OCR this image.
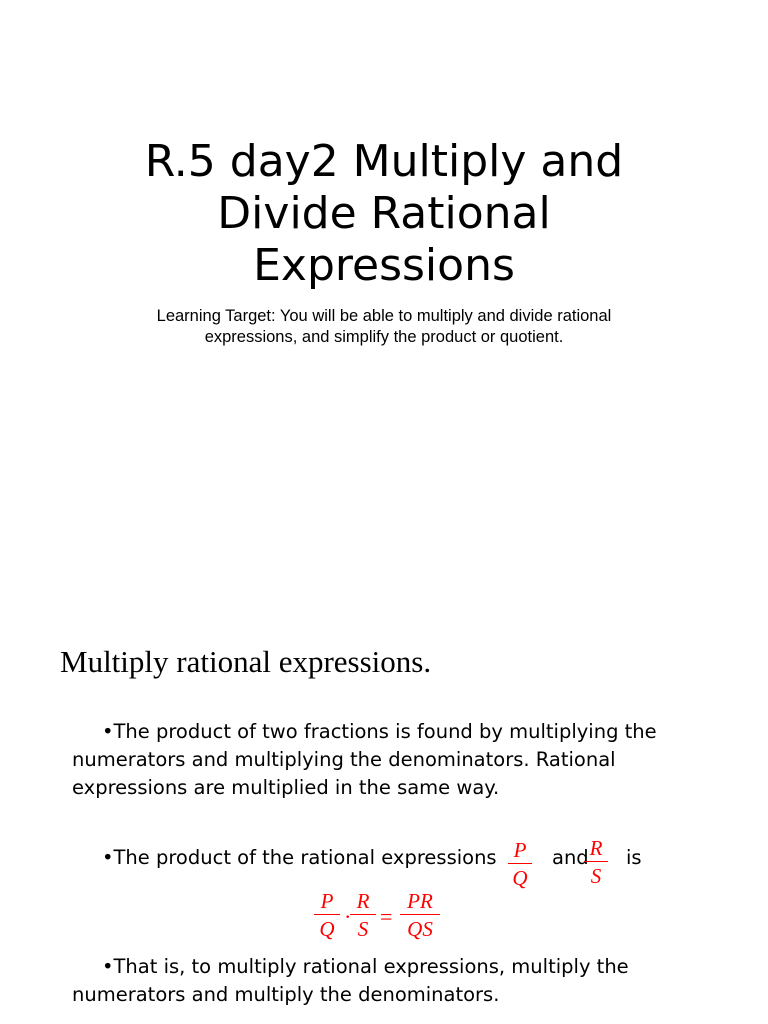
R.5 day2 Multiply and
Divide Rational
Expressions

Learning Target: You will be able to multiply and divide rational
expressions, and simplify the product or quotient.

Multiply rational expressions.

•The product of two fractions is found by multiplying the numerators and multiplying the denominators. Rational expressions are multiplied in the same way.

•The product of the rational expressions P
Q
and R
S
is
P
Q ·
R
S =
PR
QS

•That is, to multiply rational expressions, multiply the numerators and multiply the denominators.
